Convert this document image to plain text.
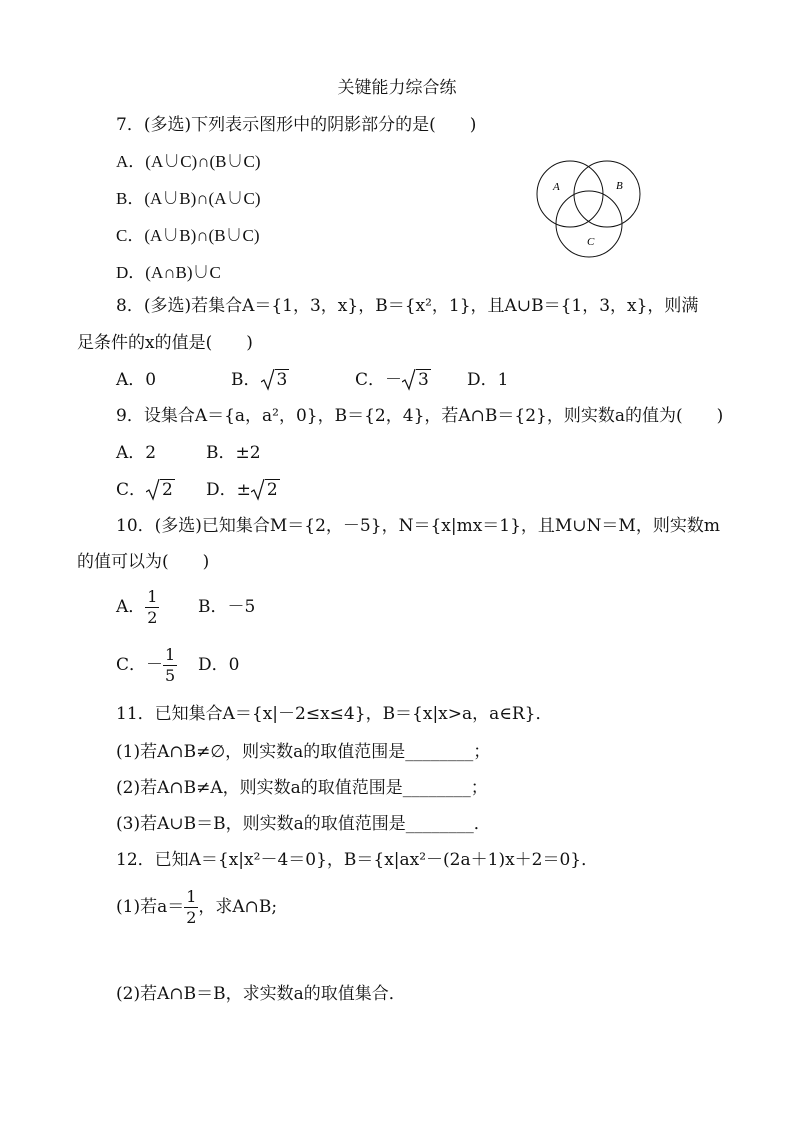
关键能力综合练
7．(多选)下列表示图形中的阴影部分的是(　　)
A．(A∪C)∩(B∪C)
B．(A∪B)∩(A∪C)
C．(A∪B)∩(B∪C)
D．(A∩B)∪C
A	B
C
8．(多选)若集合A＝{1，3，x}，B＝{x²，1}，且A∪B＝{1，3，x}，则满
足条件的x的值是(　　)
A．0	B． 3	C．－ 3 D．1
9．设集合A＝{a，a²，0}，B＝{2，4}，若A∩B＝{2}，则实数a的值为(　　)
A．2	B．±2
C． 2 D．± 2
10．(多选)已知集合M＝{2，－5}，N＝{x|mx＝1}，且M∪N＝M，则实数m
的值可以为(　　)
A． $\frac{1}{2}$ B．－5
C．－ $\frac{1}{5}$ D．0
11．已知集合A＝{x|－2≤x≤4}，B＝{x|x>a，a∈R}．
(1)若A∩B≠∅，则实数a的取值范围是________；
(2)若A∩B≠A，则实数a的取值范围是________；
(3)若A∪B＝B，则实数a的取值范围是________．
12．已知A＝{x|x²－4＝0}，B＝{x|ax²－(2a＋1)x＋2＝0}．
(1)若$a= \frac{1}{2}$ ，求A∩B;
(2)若A∩B＝B，求实数a的取值集合．
